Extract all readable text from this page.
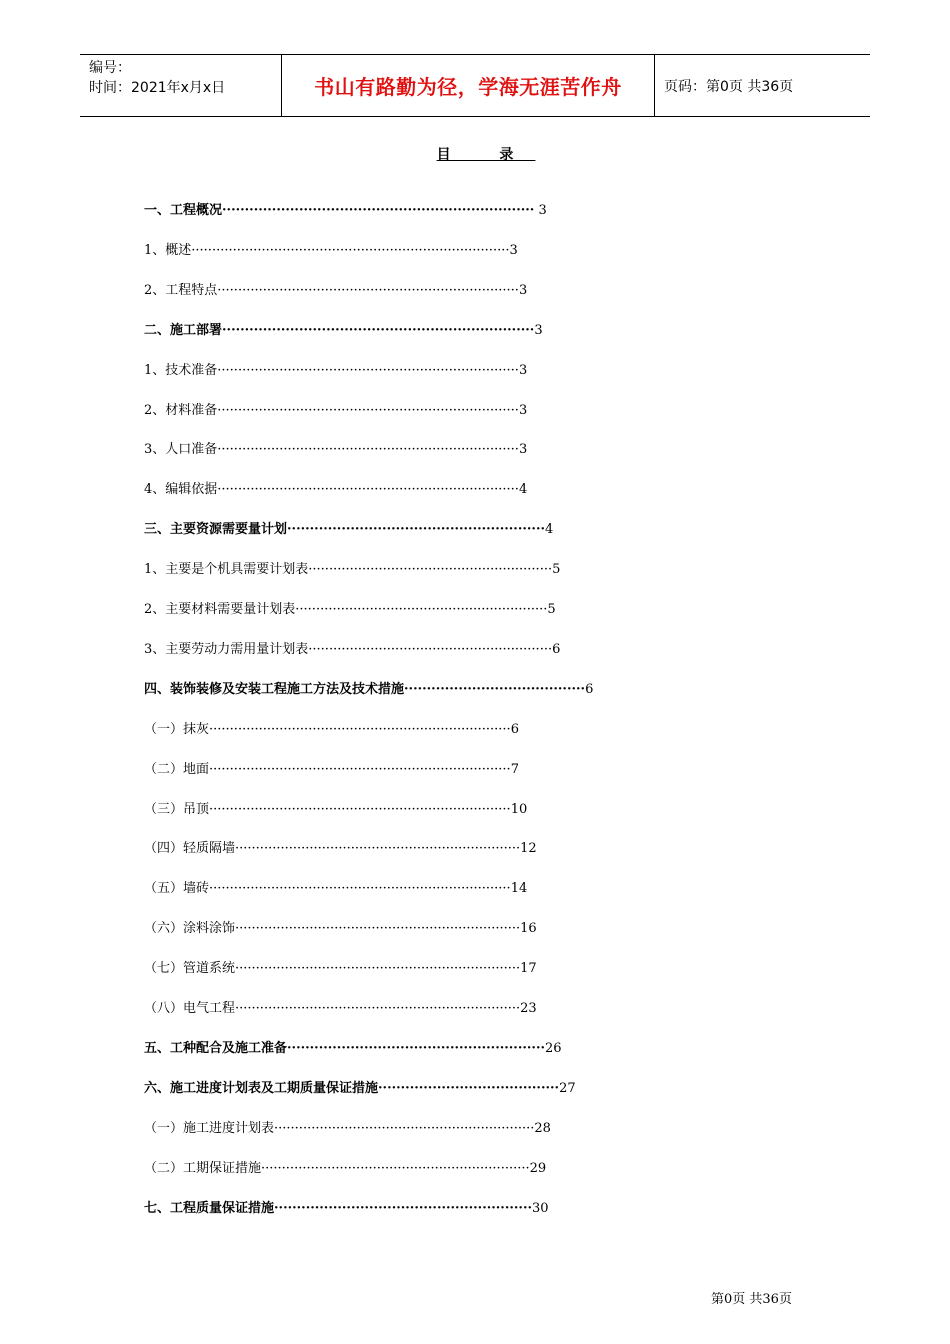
编号：
时间：2021年x月x日	书山有路勤为径，学海无涯苦作舟	页码：第0页 共36页
目 录
一、工程概况····································································· 3
1、概述·············································································3
2、工程特点·········································································3
二、施工部署·····································································3
1、技术准备·········································································3
2、材料准备·········································································3
3、人口准备·········································································3
4、编辑依据·········································································4
三、主要资源需要量计划·························································4
1、主要是个机具需要计划表···························································5
2、主要材料需要量计划表·····························································5
3、主要劳动力需用量计划表···························································6
四、装饰装修及安装工程施工方法及技术措施········································6
（一）抹灰·········································································6
（二）地面·········································································7
（三）吊顶·········································································10
（四）轻质隔墙·····································································12
（五）墙砖·········································································14
（六）涂料涂饰·····································································16
（七）管道系统·····································································17
（八）电气工程·····································································23
五、工种配合及施工准备·························································26
六、施工进度计划表及工期质量保证措施········································27
（一）施工进度计划表·······························································28
（二）工期保证措施·································································29
七、工程质量保证措施·························································30
第0页 共36页
